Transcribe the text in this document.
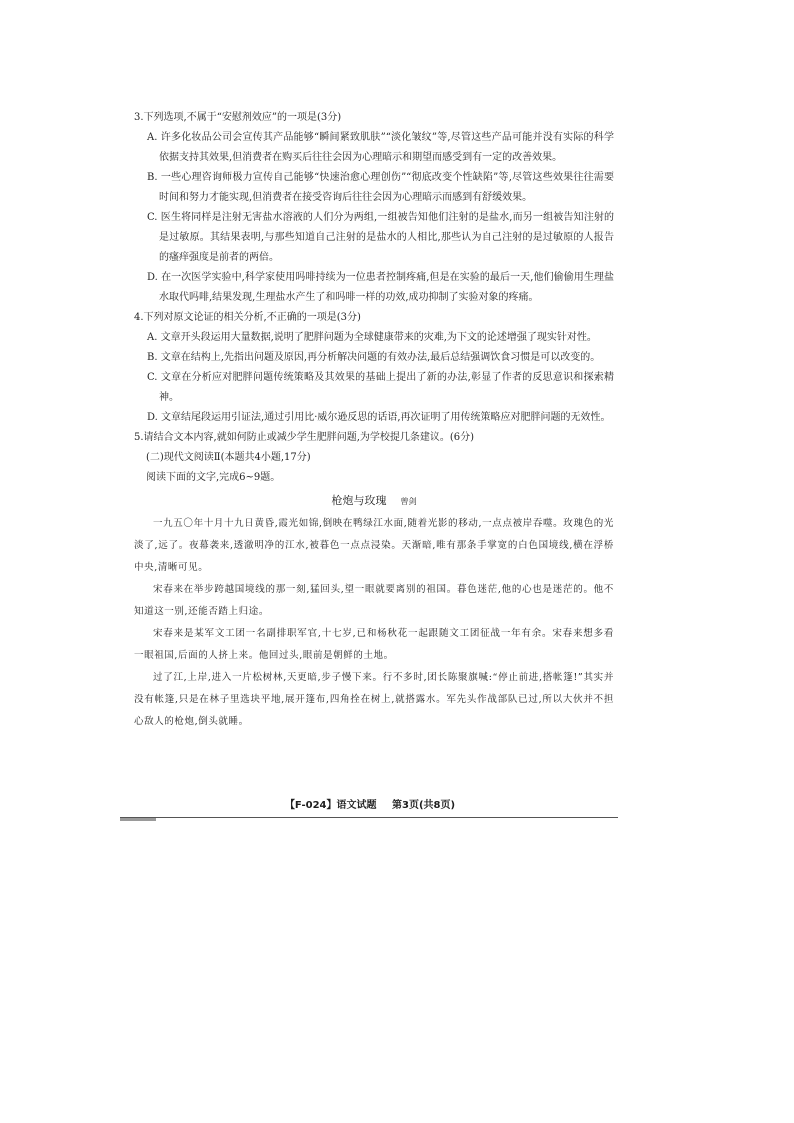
3.下列选项,不属于“安慰剂效应”的一项是(3分)

A. 许多化妆品公司会宣传其产品能够“瞬间紧致肌肤”“淡化皱纹”等,尽管这些产品可能并没有实际的科学依据支持其效果,但消费者在购买后往往会因为心理暗示和期望而感受到有一定的改善效果。

B. 一些心理咨询师极力宣传自己能够“快速治愈心理创伤”“彻底改变个性缺陷”等,尽管这些效果往往需要时间和努力才能实现,但消费者在接受咨询后往往会因为心理暗示而感到有舒缓效果。

C. 医生将同样是注射无害盐水溶液的人们分为两组,一组被告知他们注射的是盐水,而另一组被告知注射的是过敏原。其结果表明,与那些知道自己注射的是盐水的人相比,那些认为自己注射的是过敏原的人报告的瘙痒强度是前者的两倍。

D. 在一次医学实验中,科学家使用吗啡持续为一位患者控制疼痛,但是在实验的最后一天,他们偷偷用生理盐水取代吗啡,结果发现,生理盐水产生了和吗啡一样的功效,成功抑制了实验对象的疼痛。

4.下列对原文论证的相关分析,不正确的一项是(3分)

A. 文章开头段运用大量数据,说明了肥胖问题为全球健康带来的灾难,为下文的论述增强了现实针对性。

B. 文章在结构上,先指出问题及原因,再分析解决问题的有效办法,最后总结强调饮食习惯是可以改变的。

C. 文章在分析应对肥胖问题传统策略及其效果的基础上提出了新的办法,彰显了作者的反思意识和探索精神。

D. 文章结尾段运用引证法,通过引用比·威尔逊反思的话语,再次证明了用传统策略应对肥胖问题的无效性。

5.请结合文本内容,就如何防止或减少学生肥胖问题,为学校提几条建议。(6分)

(二)现代文阅读Ⅱ(本题共4小题,17分)

阅读下面的文字,完成6~9题。

枪炮与玫瑰 曾剑

一九五〇年十月十九日黄昏,霞光如锦,倒映在鸭绿江水面,随着光影的移动,一点点被岸吞噬。玫瑰色的光淡了,远了。夜幕袭来,透澈明净的江水,被暮色一点点浸染。天渐暗,唯有那条手掌宽的白色国境线,横在浮桥中央,清晰可见。

宋春来在举步跨越国境线的那一刻,猛回头,望一眼就要离别的祖国。暮色迷茫,他的心也是迷茫的。他不知道这一别,还能否踏上归途。

宋春来是某军文工团一名副排职军官,十七岁,已和杨秋花一起跟随文工团征战一年有余。宋春来想多看一眼祖国,后面的人挤上来。他回过头,眼前是朝鲜的土地。

过了江,上岸,进入一片松树林,天更暗,步子慢下来。行不多时,团长陈聚旗喊:“停止前进,搭帐篷!”其实并没有帐篷,只是在林子里选块平地,展开篷布,四角拴在树上,就搭露水。军先头作战部队已过,所以大伙并不担心敌人的枪炮,倒头就睡。

【F-024】语文试题 第3页(共8页)
